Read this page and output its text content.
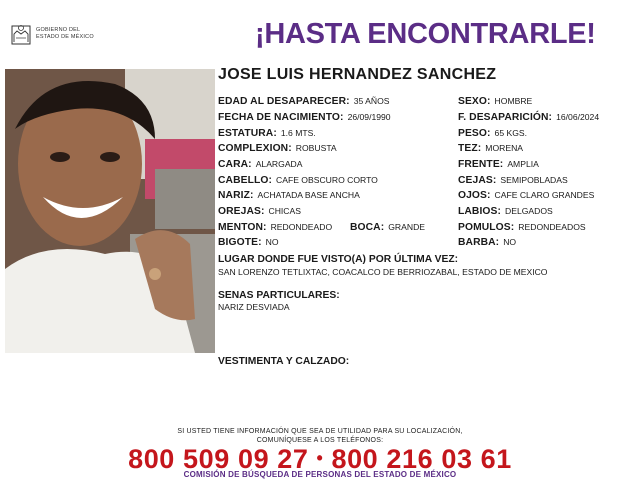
GOBIERNO DEL
ESTADO DE MÉXICO	¡HASTA ENCONTRARLE!
JOSE LUIS HERNANDEZ SANCHEZ
EDAD AL DESAPARECER: 35 AÑOS
FECHA DE NACIMIENTO: 26/09/1990
ESTATURA: 1.6 MTS.
COMPLEXION: ROBUSTA
CARA: ALARGADA
CABELLO: CAFE OBSCURO CORTO
NARIZ: ACHATADA BASE ANCHA
OREJAS: CHICAS
MENTON: REDONDEADO BOCA: GRANDE
BIGOTE: NO
SEXO: HOMBRE
F. DESAPARICIÓN: 16/06/2024
PESO: 65 KGS.
TEZ: MORENA
FRENTE: AMPLIA
CEJAS: SEMIPOBLADAS
OJOS: CAFE CLARO GRANDES
LABIOS: DELGADOS
POMULOS: REDONDEADOS
BARBA: NO
LUGAR DONDE FUE VISTO(A) POR ÚLTIMA VEZ:
SAN LORENZO TETLIXTAC, COACALCO DE BERRIOZABAL, ESTADO DE MEXICO
SENAS PARTICULARES:
NARIZ DESVIADA
VESTIMENTA Y CALZADO:
SI USTED TIENE INFORMACIÓN QUE SEA DE UTILIDAD PARA SU LOCALIZACIÓN,
COMUNÍQUESE A LOS TELÉFONOS:
800 509 09 27 • 800 216 03 61
COMISIÓN DE BÚSQUEDA DE PERSONAS DEL ESTADO DE MÉXICO
